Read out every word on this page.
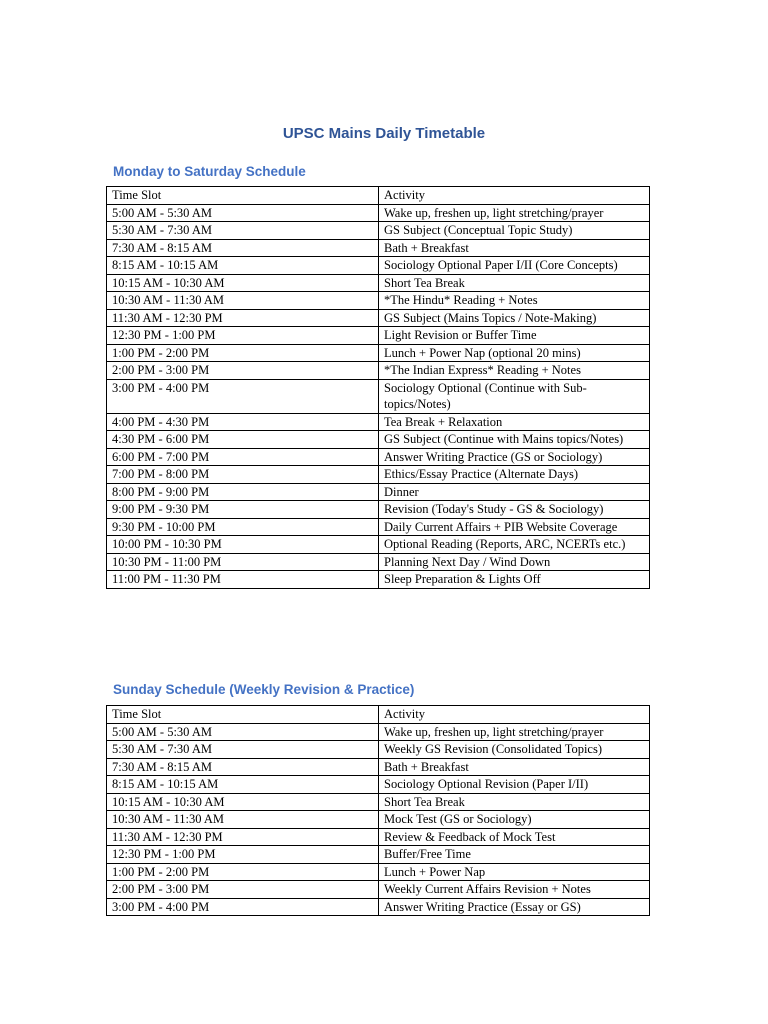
UPSC Mains Daily Timetable
Monday to Saturday Schedule
Time Slot	Activity
5:00 AM - 5:30 AM	Wake up, freshen up, light stretching/prayer
5:30 AM - 7:30 AM	GS Subject (Conceptual Topic Study)
7:30 AM - 8:15 AM	Bath + Breakfast
8:15 AM - 10:15 AM	Sociology Optional Paper I/II (Core Concepts)
10:15 AM - 10:30 AM	Short Tea Break
10:30 AM - 11:30 AM	*The Hindu* Reading + Notes
11:30 AM - 12:30 PM	GS Subject (Mains Topics / Note-Making)
12:30 PM - 1:00 PM	Light Revision or Buffer Time
1:00 PM - 2:00 PM	Lunch + Power Nap (optional 20 mins)
2:00 PM - 3:00 PM	*The Indian Express* Reading + Notes
3:00 PM - 4:00 PM	Sociology Optional (Continue with Sub-topics/Notes)
4:00 PM - 4:30 PM	Tea Break + Relaxation
4:30 PM - 6:00 PM	GS Subject (Continue with Mains topics/Notes)
6:00 PM - 7:00 PM	Answer Writing Practice (GS or Sociology)
7:00 PM - 8:00 PM	Ethics/Essay Practice (Alternate Days)
8:00 PM - 9:00 PM	Dinner
9:00 PM - 9:30 PM	Revision (Today's Study - GS & Sociology)
9:30 PM - 10:00 PM	Daily Current Affairs + PIB Website Coverage
10:00 PM - 10:30 PM	Optional Reading (Reports, ARC, NCERTs etc.)
10:30 PM - 11:00 PM	Planning Next Day / Wind Down
11:00 PM - 11:30 PM	Sleep Preparation & Lights Off
Sunday Schedule (Weekly Revision & Practice)
Time Slot	Activity
5:00 AM - 5:30 AM	Wake up, freshen up, light stretching/prayer
5:30 AM - 7:30 AM	Weekly GS Revision (Consolidated Topics)
7:30 AM - 8:15 AM	Bath + Breakfast
8:15 AM - 10:15 AM	Sociology Optional Revision (Paper I/II)
10:15 AM - 10:30 AM	Short Tea Break
10:30 AM - 11:30 AM	Mock Test (GS or Sociology)
11:30 AM - 12:30 PM	Review & Feedback of Mock Test
12:30 PM - 1:00 PM	Buffer/Free Time
1:00 PM - 2:00 PM	Lunch + Power Nap
2:00 PM - 3:00 PM	Weekly Current Affairs Revision + Notes
3:00 PM - 4:00 PM	Answer Writing Practice (Essay or GS)
